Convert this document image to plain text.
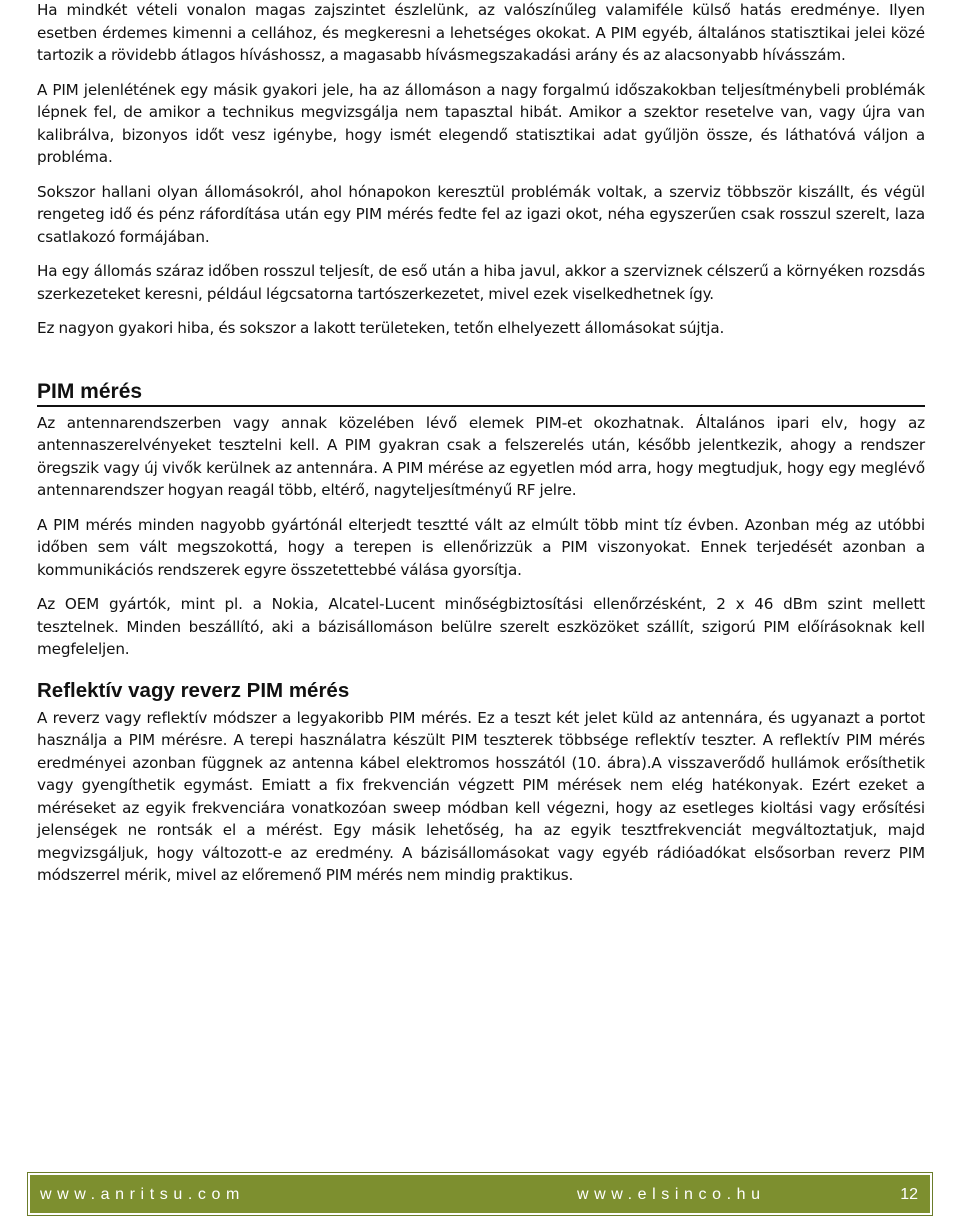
Ha mindkét vételi vonalon magas zajszintet észlelünk, az valószínűleg valamiféle külső hatás eredménye. Ilyen esetben érdemes kimenni a cellához, és megkeresni a lehetséges okokat. A PIM egyéb, általános statisztikai jelei közé tartozik a rövidebb átlagos híváshossz, a magasabb hívásmegszakadási arány és az alacsonyabb hívásszám.

A PIM jelenlétének egy másik gyakori jele, ha az állomáson a nagy forgalmú időszakokban teljesítménybeli problémák lépnek fel, de amikor a technikus megvizsgálja nem tapasztal hibát. Amikor a szektor resetelve van, vagy újra van kalibrálva, bizonyos időt vesz igénybe, hogy ismét elegendő statisztikai adat gyűljön össze, és láthatóvá váljon a probléma.

Sokszor hallani olyan állomásokról, ahol hónapokon keresztül problémák voltak, a szerviz többször kiszállt, és végül rengeteg idő és pénz ráfordítása után egy PIM mérés fedte fel az igazi okot, néha egyszerűen csak rosszul szerelt, laza csatlakozó formájában.

Ha egy állomás száraz időben rosszul teljesít, de eső után a hiba javul, akkor a szerviznek célszerű a környéken rozsdás szerkezeteket keresni, például légcsatorna tartószerkezetet, mivel ezek viselkedhetnek így.

Ez nagyon gyakori hiba, és sokszor a lakott területeken, tetőn elhelyezett állomásokat sújtja.

PIM mérés

Az antennarendszerben vagy annak közelében lévő elemek PIM-et okozhatnak. Általános ipari elv, hogy az antennaszerelvényeket tesztelni kell. A PIM gyakran csak a felszerelés után, később jelentkezik, ahogy a rendszer öregszik vagy új vivők kerülnek az antennára. A PIM mérése az egyetlen mód arra, hogy megtudjuk, hogy egy meglévő antennarendszer hogyan reagál több, eltérő, nagyteljesítményű RF jelre.

A PIM mérés minden nagyobb gyártónál elterjedt tesztté vált az elmúlt több mint tíz évben. Azonban még az utóbbi időben sem vált megszokottá, hogy a terepen is ellenőrizzük a PIM viszonyokat. Ennek terjedését azonban a kommunikációs rendszerek egyre összetettebbé válása gyorsítja.

Az OEM gyártók, mint pl. a Nokia, Alcatel-Lucent minőségbiztosítási ellenőrzésként, 2 x 46 dBm szint mellett tesztelnek. Minden beszállító, aki a bázisállomáson belülre szerelt eszközöket szállít, szigorú PIM előírásoknak kell megfeleljen.

Reflektív vagy reverz PIM mérés

A reverz vagy reflektív módszer a legyakoribb PIM mérés. Ez a teszt két jelet küld az antennára, és ugyanazt a portot használja a PIM mérésre. A terepi használatra készült PIM teszterek többsége reflektív teszter. A reflektív PIM mérés eredményei azonban függnek az antenna kábel elektromos hosszától (10. ábra).A visszaverődő hullámok erősíthetik vagy gyengíthetik egymást. Emiatt a fix frekvencián végzett PIM mérések nem elég hatékonyak. Ezért ezeket a méréseket az egyik frekvenciára vonatkozóan sweep módban kell végezni, hogy az esetleges kioltási vagy erősítési jelenségek ne rontsák el a mérést. Egy másik lehetőség, ha az egyik tesztfrekvenciát megváltoztatjuk, majd megvizsgáljuk, hogy változott-e az eredmény. A bázisállomásokat vagy egyéb rádióadókat elsősorban reverz PIM módszerrel mérik, mivel az előremenő PIM mérés nem mindig praktikus.

www.anritsu.com	www.elsinco.hu	12
